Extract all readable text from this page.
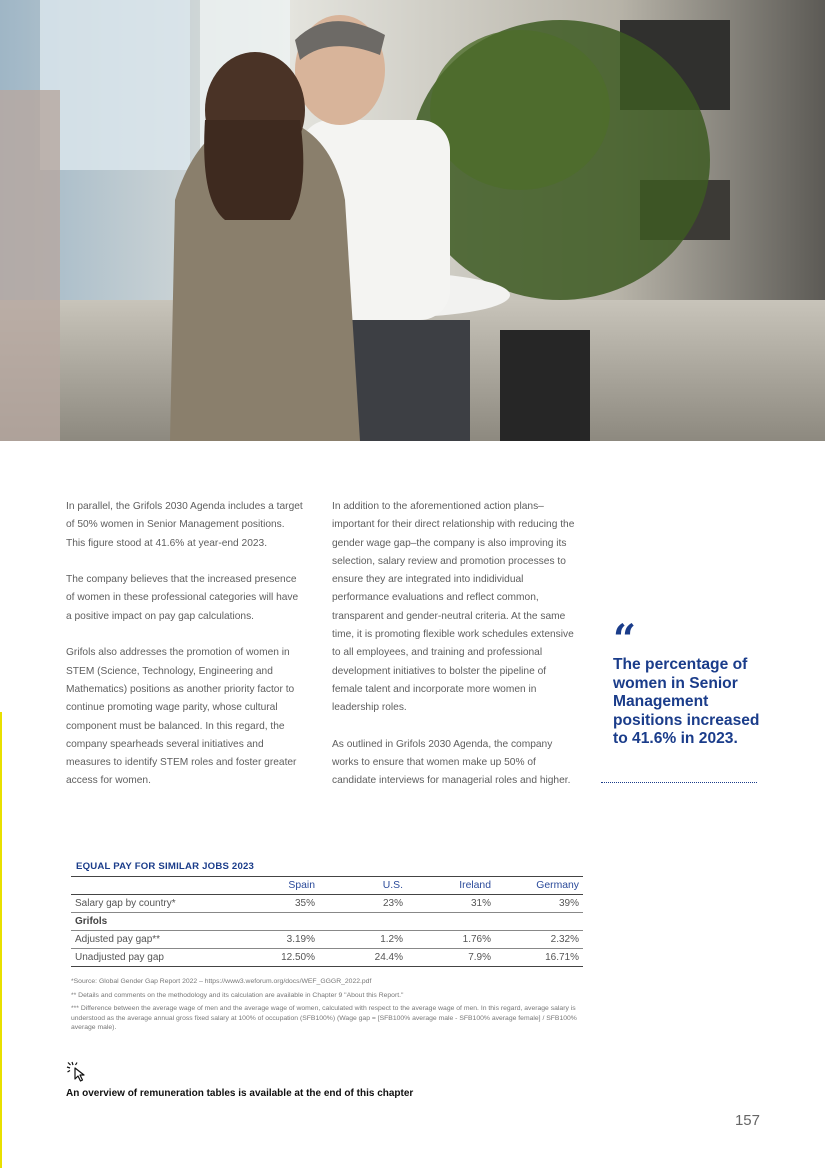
In parallel, the Grifols 2030 Agenda includes a target of 50% women in Senior Management positions. This figure stood at 41.6% at year-end 2023.

The company believes that the increased presence of women in these professional categories will have a positive impact on pay gap calculations.

Grifols also addresses the promotion of women in STEM (Science, Technology, Engineering and Mathematics) positions as another priority factor to continue promoting wage parity, whose cultural component must be balanced. In this regard, the company spearheads several initiatives and measures to identify STEM roles and foster greater access for women.

In addition to the aforementioned action plans–important for their direct relationship with reducing the gender wage gap–the company is also improving its selection, salary review and promotion processes to ensure they are integrated into indidividual performance evaluations and reflect common, transparent and gender-neutral criteria. At the same time, it is promoting flexible work schedules extensive to all employees, and training and professional development initiatives to bolster the pipeline of female talent and incorporate more women in leadership roles.

As outlined in Grifols 2030 Agenda, the company works to ensure that women make up 50% of candidate interviews for managerial roles and higher.

“
The percentage of women in Senior Management positions increased to 41.6% in 2023.
EQUAL PAY FOR SIMILAR JOBS 2023
	Spain	U.S.	Ireland	Germany
Salary gap by country*	35%	23%	31%	39%
Grifols				
Adjusted pay gap**	3.19%	1.2%	1.76%	2.32%
Unadjusted pay gap	12.50%	24.4%	7.9%	16.71%

*Source: Global Gender Gap Report 2022 – https://www3.weforum.org/docs/WEF_GGGR_2022.pdf

** Details and comments on the methodology and its calculation are available in Chapter 9 "About this Report."

*** Difference between the average wage of men and the average wage of women, calculated with respect to the average wage of men. In this regard, average salary is understood as the average annual gross fixed salary at 100% of occupation (SFB100%) (Wage gap = [SFB100% average male - SFB100% average female] / SFB100% average male).

An overview of remuneration tables is available at the end of this chapter
157
